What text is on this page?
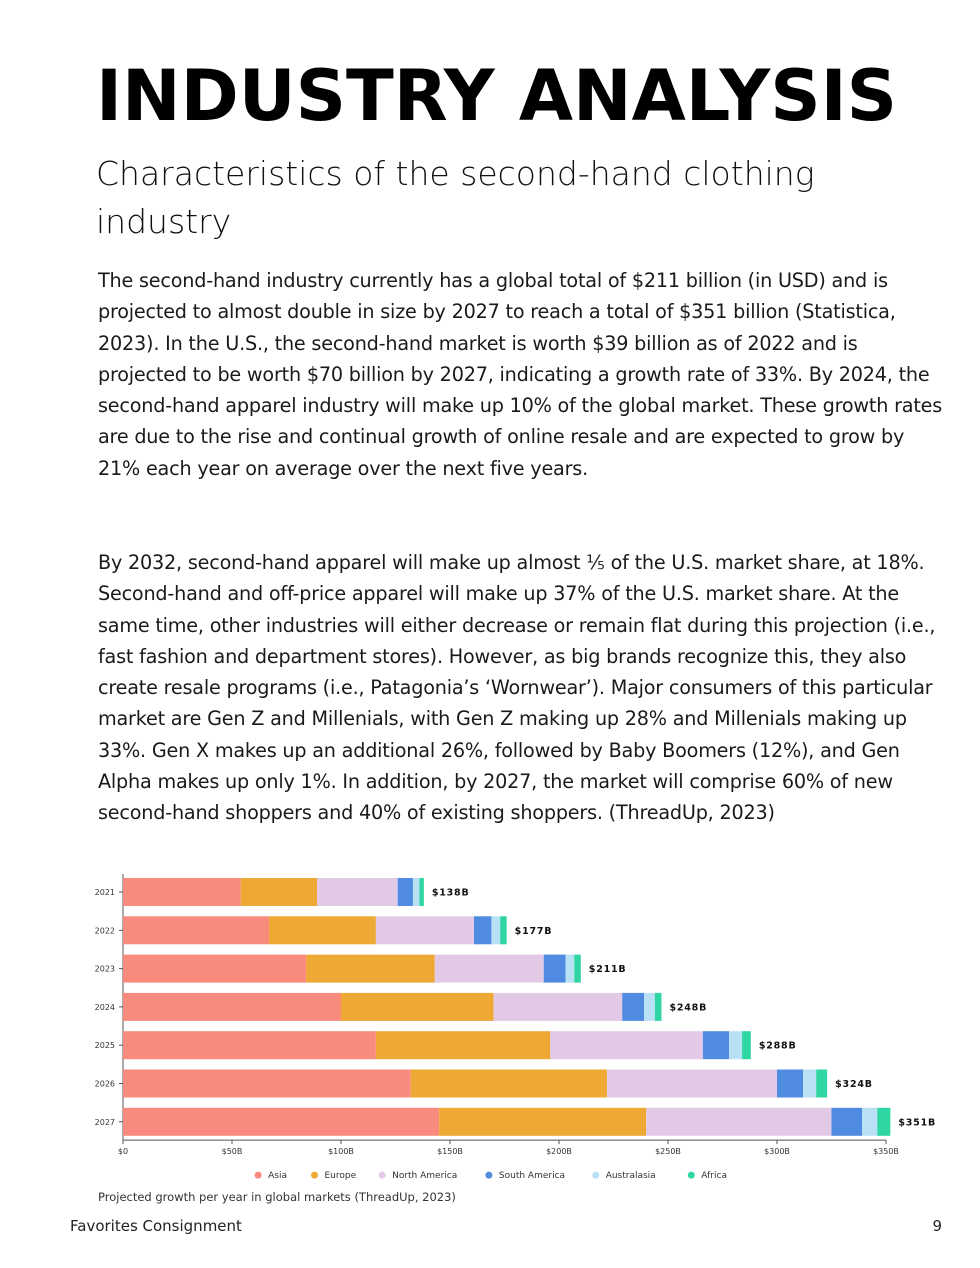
INDUSTRY ANALYSIS
Characteristics of the second-hand clothing industry

The second-hand industry currently has a global total of $211 billion (in USD) and is projected to almost double in size by 2027 to reach a total of $351 billion (Statistica, 2023). In the U.S., the second-hand market is worth $39 billion as of 2022 and is projected to be worth $70 billion by 2027, indicating a growth rate of 33%. By 2024, the second-hand apparel industry will make up 10% of the global market. These growth rates are due to the rise and continual growth of online resale and are expected to grow by 21% each year on average over the next five years.

By 2032, second-hand apparel will make up almost ⅕ of the U.S. market share, at 18%. Second-hand and off-price apparel will make up 37% of the U.S. market share. At the same time, other industries will either decrease or remain flat during this projection (i.e., fast fashion and department stores). However, as big brands recognize this, they also create resale programs (i.e., Patagonia’s ‘Wornwear’). Major consumers of this particular market are Gen Z and Millenials, with Gen Z making up 28% and Millenials making up 33%. Gen X makes up an additional 26%, followed by Baby Boomers (12%), and Gen Alpha makes up only 1%. In addition, by 2027, the market will comprise 60% of new second-hand shoppers and 40% of existing shoppers. (ThreadUp, 2023)

2021	$138B
2022	$177B
2023	$211B
2024	$248B
2025	$288B
2026	$324B
2027	$351B
$0	$50B	$100B	$150B	$200B	$250B	$300B	$350B
Asia	Europe	North America	South America	Australasia	Africa
Projected growth per year in global markets (ThreadUp, 2023)
Favorites Consignment	9
